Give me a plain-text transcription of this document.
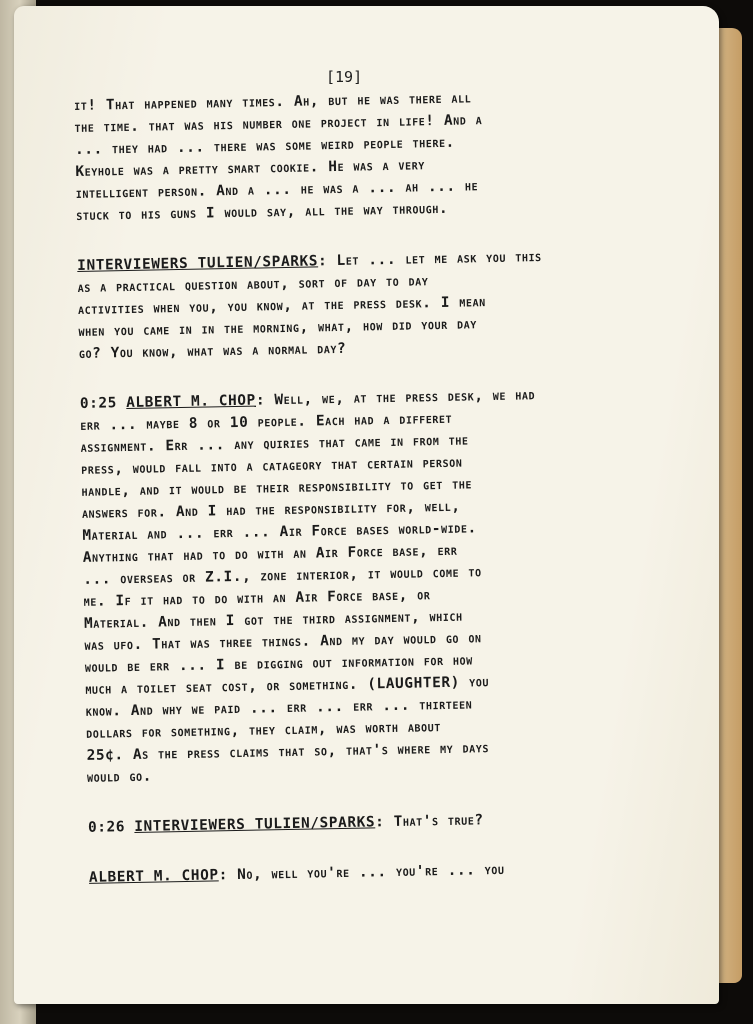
[19]
it! That happened many times. Ah, but he was there all
the time. that was his number one project in life! And a
... they had ... there was some weird people there.
Keyhole was a pretty smart cookie. He was a very
intelligent person. And a ... he was a ... ah ... he
stuck to his guns I would say, all the way through.
INTERVIEWERS TULIEN/SPARKS: Let ... let me ask you this
as a practical question about, sort of day to day
activities when you, you know, at the press desk. I mean
when you came in in the morning, what, how did your day
go? You know, what was a normal day?
0:25 ALBERT M. CHOP: Well, we, at the press desk, we had
err ... maybe 8 or 10 people. Each had a differet
assignment. Err ... any quiries that came in from the
press, would fall into a catageory that certain person
handle, and it would be their responsibility to get the
answers for. And I had the responsibility for, well,
Material and ... err ... Air Force bases world-wide.
Anything that had to do with an Air Force base, err
... overseas or Z.I., zone interior, it would come to
me. If it had to do with an Air Force base, or
Material. And then I got the third assignment, which
was ufo. That was three things. And my day would go on
would be err ... I be digging out information for how
much a toilet seat cost, or something. (LAUGHTER) you
know. And why we paid ... err ... err ... thirteen
dollars for something, they claim, was worth about
25¢. As the press claims that so, that's where my days
would go.
0:26 INTERVIEWERS TULIEN/SPARKS: That's true?
ALBERT M. CHOP: No, well you're ... you're ... you
